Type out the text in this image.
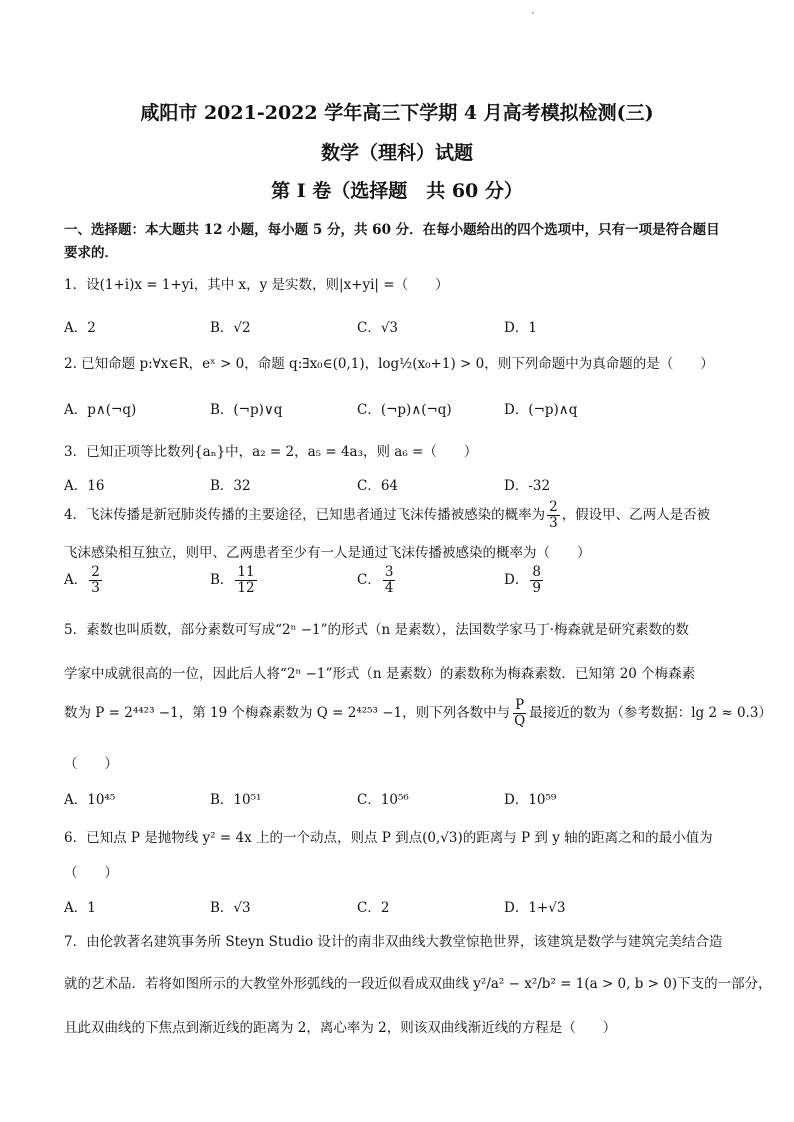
咸阳市 2021-2022 学年高三下学期 4 月高考模拟检测(三)
数学（理科）试题
第 I 卷（选择题　共 60 分）
一、选择题：本大题共 12 小题，每小题 5 分，共 60 分．在每小题给出的四个选项中，只有一项是符合题目
要求的．
1．设(1+i)x = 1+yi，其中 x，y 是实数，则|x+yi| =（　　）
A．2	B．√2	C．√3	D．1
2. 已知命题 p:∀x∈R，eˣ > 0，命题 q:∃x₀∈(0,1)，log½(x₀+1) > 0，则下列命题中为真命题的是（　　）
A．p∧(¬q)	B．(¬p)∨q	C．(¬p)∧(¬q)	D．(¬p)∧q
3．已知正项等比数列{aₙ}中，a₂ = 2，a₅ = 4a₃，则 a₆ =（　　）
A．16	B．32	C．64	D．-32
4．飞沫传播是新冠肺炎传播的主要途径，已知患者通过飞沫传播被感染的概率为 $\frac{2}{3}$ ，假设甲、乙两人是否被
飞沫感染相互独立，则甲、乙两患者至少有一人是通过飞沫传播被感染的概率为（　　）
A． $\frac{2}{3}$	B． $\frac{11}{12}$	C． $\frac{3}{4}$	D． $\frac{8}{9}$
5．素数也叫质数，部分素数可写成“2ⁿ −1”的形式（n 是素数），法国数学家马丁·梅森就是研究素数的数
学家中成就很高的一位，因此后人将“2ⁿ −1”形式（n 是素数）的素数称为梅森素数．已知第 20 个梅森素
数为 P = 2⁴⁴²³ −1，第 19 个梅森素数为 Q = 2⁴²⁵³ −1，则下列各数中与 $\frac{P}{Q}$ 最接近的数为（参考数据：lg 2 ≈ 0.3）
（　　）
A．10⁴⁵	B．10⁵¹	C．10⁵⁶	D．10⁵⁹
6．已知点 P 是抛物线 y² = 4x 上的一个动点，则点 P 到点(0,√3)的距离与 P 到 y 轴的距离之和的最小值为
（　　）
A．1	B．√3	C．2	D．1+√3
7．由伦敦著名建筑事务所 Steyn Studio 设计的南非双曲线大教堂惊艳世界，该建筑是数学与建筑完美结合造
就的艺术品．若将如图所示的大教堂外形弧线的一段近似看成双曲线 y²/a² − x²/b² = 1(a > 0, b > 0)下支的一部分，
且此双曲线的下焦点到渐近线的距离为 2，离心率为 2，则该双曲线渐近线的方程是（　　）
